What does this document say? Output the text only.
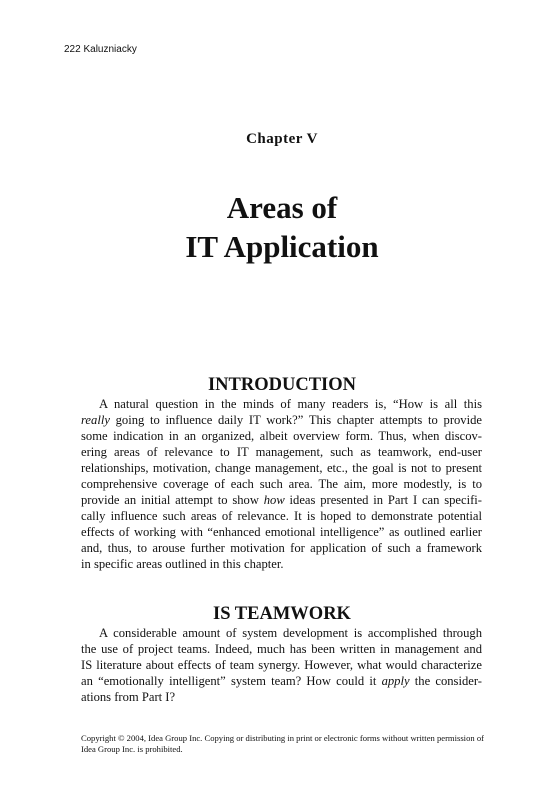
222 Kaluzniacky
Chapter V
Areas of
IT Application
INTRODUCTION
A natural question in the minds of many readers is, “How is all this
really going to influence daily IT work?” This chapter attempts to provide
some indication in an organized, albeit overview form. Thus, when discov-
ering areas of relevance to IT management, such as teamwork, end-user
relationships, motivation, change management, etc., the goal is not to present
comprehensive coverage of each such area. The aim, more modestly, is to
provide an initial attempt to show how ideas presented in Part I can specifi-
cally influence such areas of relevance. It is hoped to demonstrate potential
effects of working with “enhanced emotional intelligence” as outlined earlier
and, thus, to arouse further motivation for application of such a framework
in specific areas outlined in this chapter.
IS TEAMWORK
A considerable amount of system development is accomplished through
the use of project teams. Indeed, much has been written in management and
IS literature about effects of team synergy. However, what would characterize
an “emotionally intelligent” system team? How could it apply the consider-
ations from Part I?
Copyright © 2004, Idea Group Inc. Copying or distributing in print or electronic forms without written permission of
Idea Group Inc. is prohibited.
